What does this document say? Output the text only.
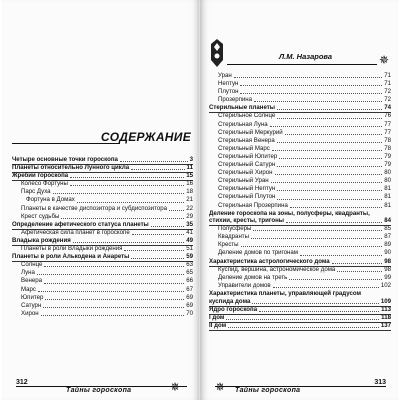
СОДЕРЖАНИЕ
Четыре основные точки гороскопа	3
Планеты относительно Лунного цикла	11
Жребии гороскопа	15
Колесо Фортуны	16
Парс Духа	18
Фортуна в Домах	21
Планеты в качестве диспозитора и субдиспозитора	22
Крест судьбы	29
Определение афетического статуса планеты	35
Афетическая сила планет в гороскопе	41
Владыка рождения	49
Планеты в роли Владыки рождения	51
Планеты в роли Алькодена и Анареты	59
Солнце	63
Луна	65
Венера	66
Марс	67
Юпитер	69
Сатурн	69
Хирон	70
312
Тайны гороскопа	✵
Л.М. Назарова	✵
Уран	71
Нептун	71
Плутон	72
Прозерпина	72
Стерильные планеты	74
Стерильное Солнце	76
Стерильная Луна	77
Стерильный Меркурий	77
Стерильная Венера	78
Стерильный Марс	78
Стерильный Юпитер	79
Стерильный Сатурн	79
Стерильный Хирон	80
Стерильный Уран	80
Стерильный Нептун	81
Стерильный Плутон	81
Стерильная Прозерпина	81
Деление гороскопа на зоны, полусферы, квадранты,
стихии, кресты, тригоны	84
Полусферы	85
Квадранты	87
Кресты	89
Деление домов по тригонам	90
Характеристика астрологического дома	98
Куспид, вершина, астрономическое дома	98
Деление домов на треть	99
Управители домов	102
Характеристика планеты, управляющей градусом
куспида дома	109
Ядро гороскопа	113
I дом	118
II дом	137
✵ Тайны гороскопа
313
